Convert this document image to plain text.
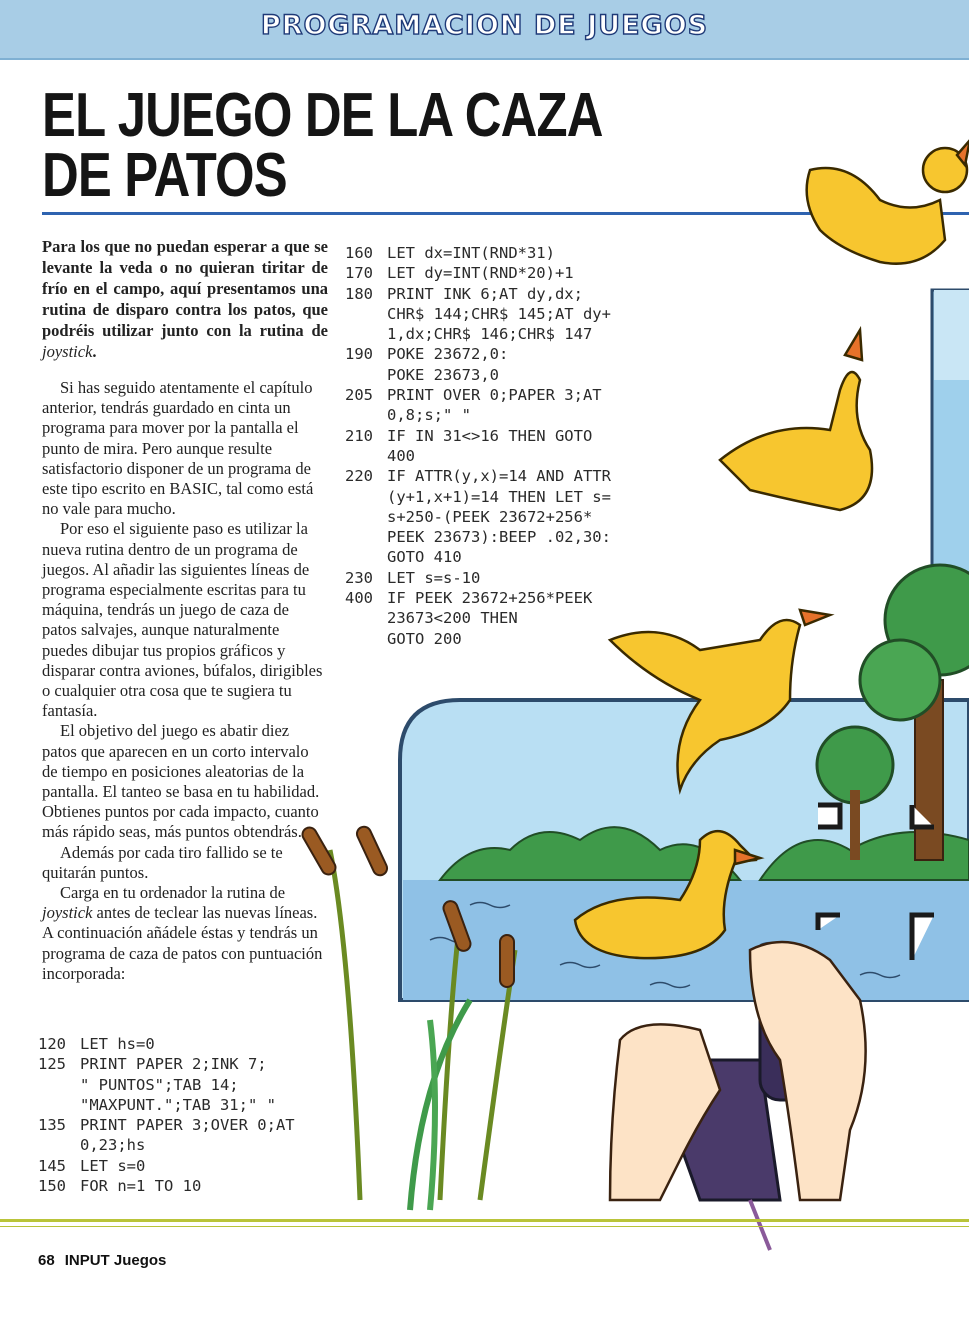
PROGRAMACION DE JUEGOS
EL JUEGO DE LA CAZA
DE PATOS
Para los que no puedan esperar a que se levante la veda o no quieran tiritar de frío en el campo, aquí presentamos una rutina de disparo contra los patos, que podréis utilizar junto con la rutina de joystick.

Si has seguido atentamente el capítulo anterior, tendrás guardado en cinta un programa para mover por la pantalla el punto de mira. Pero aunque resulte satisfactorio disponer de un programa de este tipo escrito en BASIC, tal como está no vale para mucho.

Por eso el siguiente paso es utilizar la nueva rutina dentro de un programa de juegos. Al añadir las siguientes líneas de programa especialmente escritas para tu máquina, tendrás un juego de caza de patos salvajes, aunque naturalmente puedes dibujar tus propios gráficos y disparar contra aviones, búfalos, dirigibles o cualquier otra cosa que te sugiera tu fantasía.

El objetivo del juego es abatir diez patos que aparecen en un corto intervalo de tiempo en posiciones aleatorias de la pantalla. El tanteo se basa en tu habilidad. Obtienes puntos por cada impacto, cuanto más rápido seas, más puntos obtendrás.

Además por cada tiro fallido se te quitarán puntos.

Carga en tu ordenador la rutina de joystick antes de teclear las nuevas líneas. A continuación añádele éstas y tendrás un programa de caza de patos con puntuación incorporada:

160 LET dx=INT(RND*31)
170 LET dy=INT(RND*20)+1
180 PRINT INK 6;AT dy,dx;
CHR$ 144;CHR$ 145;AT dy+
1,dx;CHR$ 146;CHR$ 147
190 POKE 23672,0:
POKE 23673,0
205 PRINT OVER 0;PAPER 3;AT
0,8;s;" "
210 IF IN 31<>16 THEN GOTO
400
220 IF ATTR(y,x)=14 AND ATTR
(y+1,x+1)=14 THEN LET s=
s+250-(PEEK 23672+256*
PEEK 23673):BEEP .02,30:
GOTO 410
230 LET s=s-10
400 IF PEEK 23672+256*PEEK
23673<200 THEN
GOTO 200
120 LET hs=0
125 PRINT PAPER 2;INK 7;
" PUNTOS";TAB 14;
"MAXPUNT.";TAB 31;" "
135 PRINT PAPER 3;OVER 0;AT
0,23;hs
145 LET s=0
150 FOR n=1 TO 10
68 INPUT Juegos
